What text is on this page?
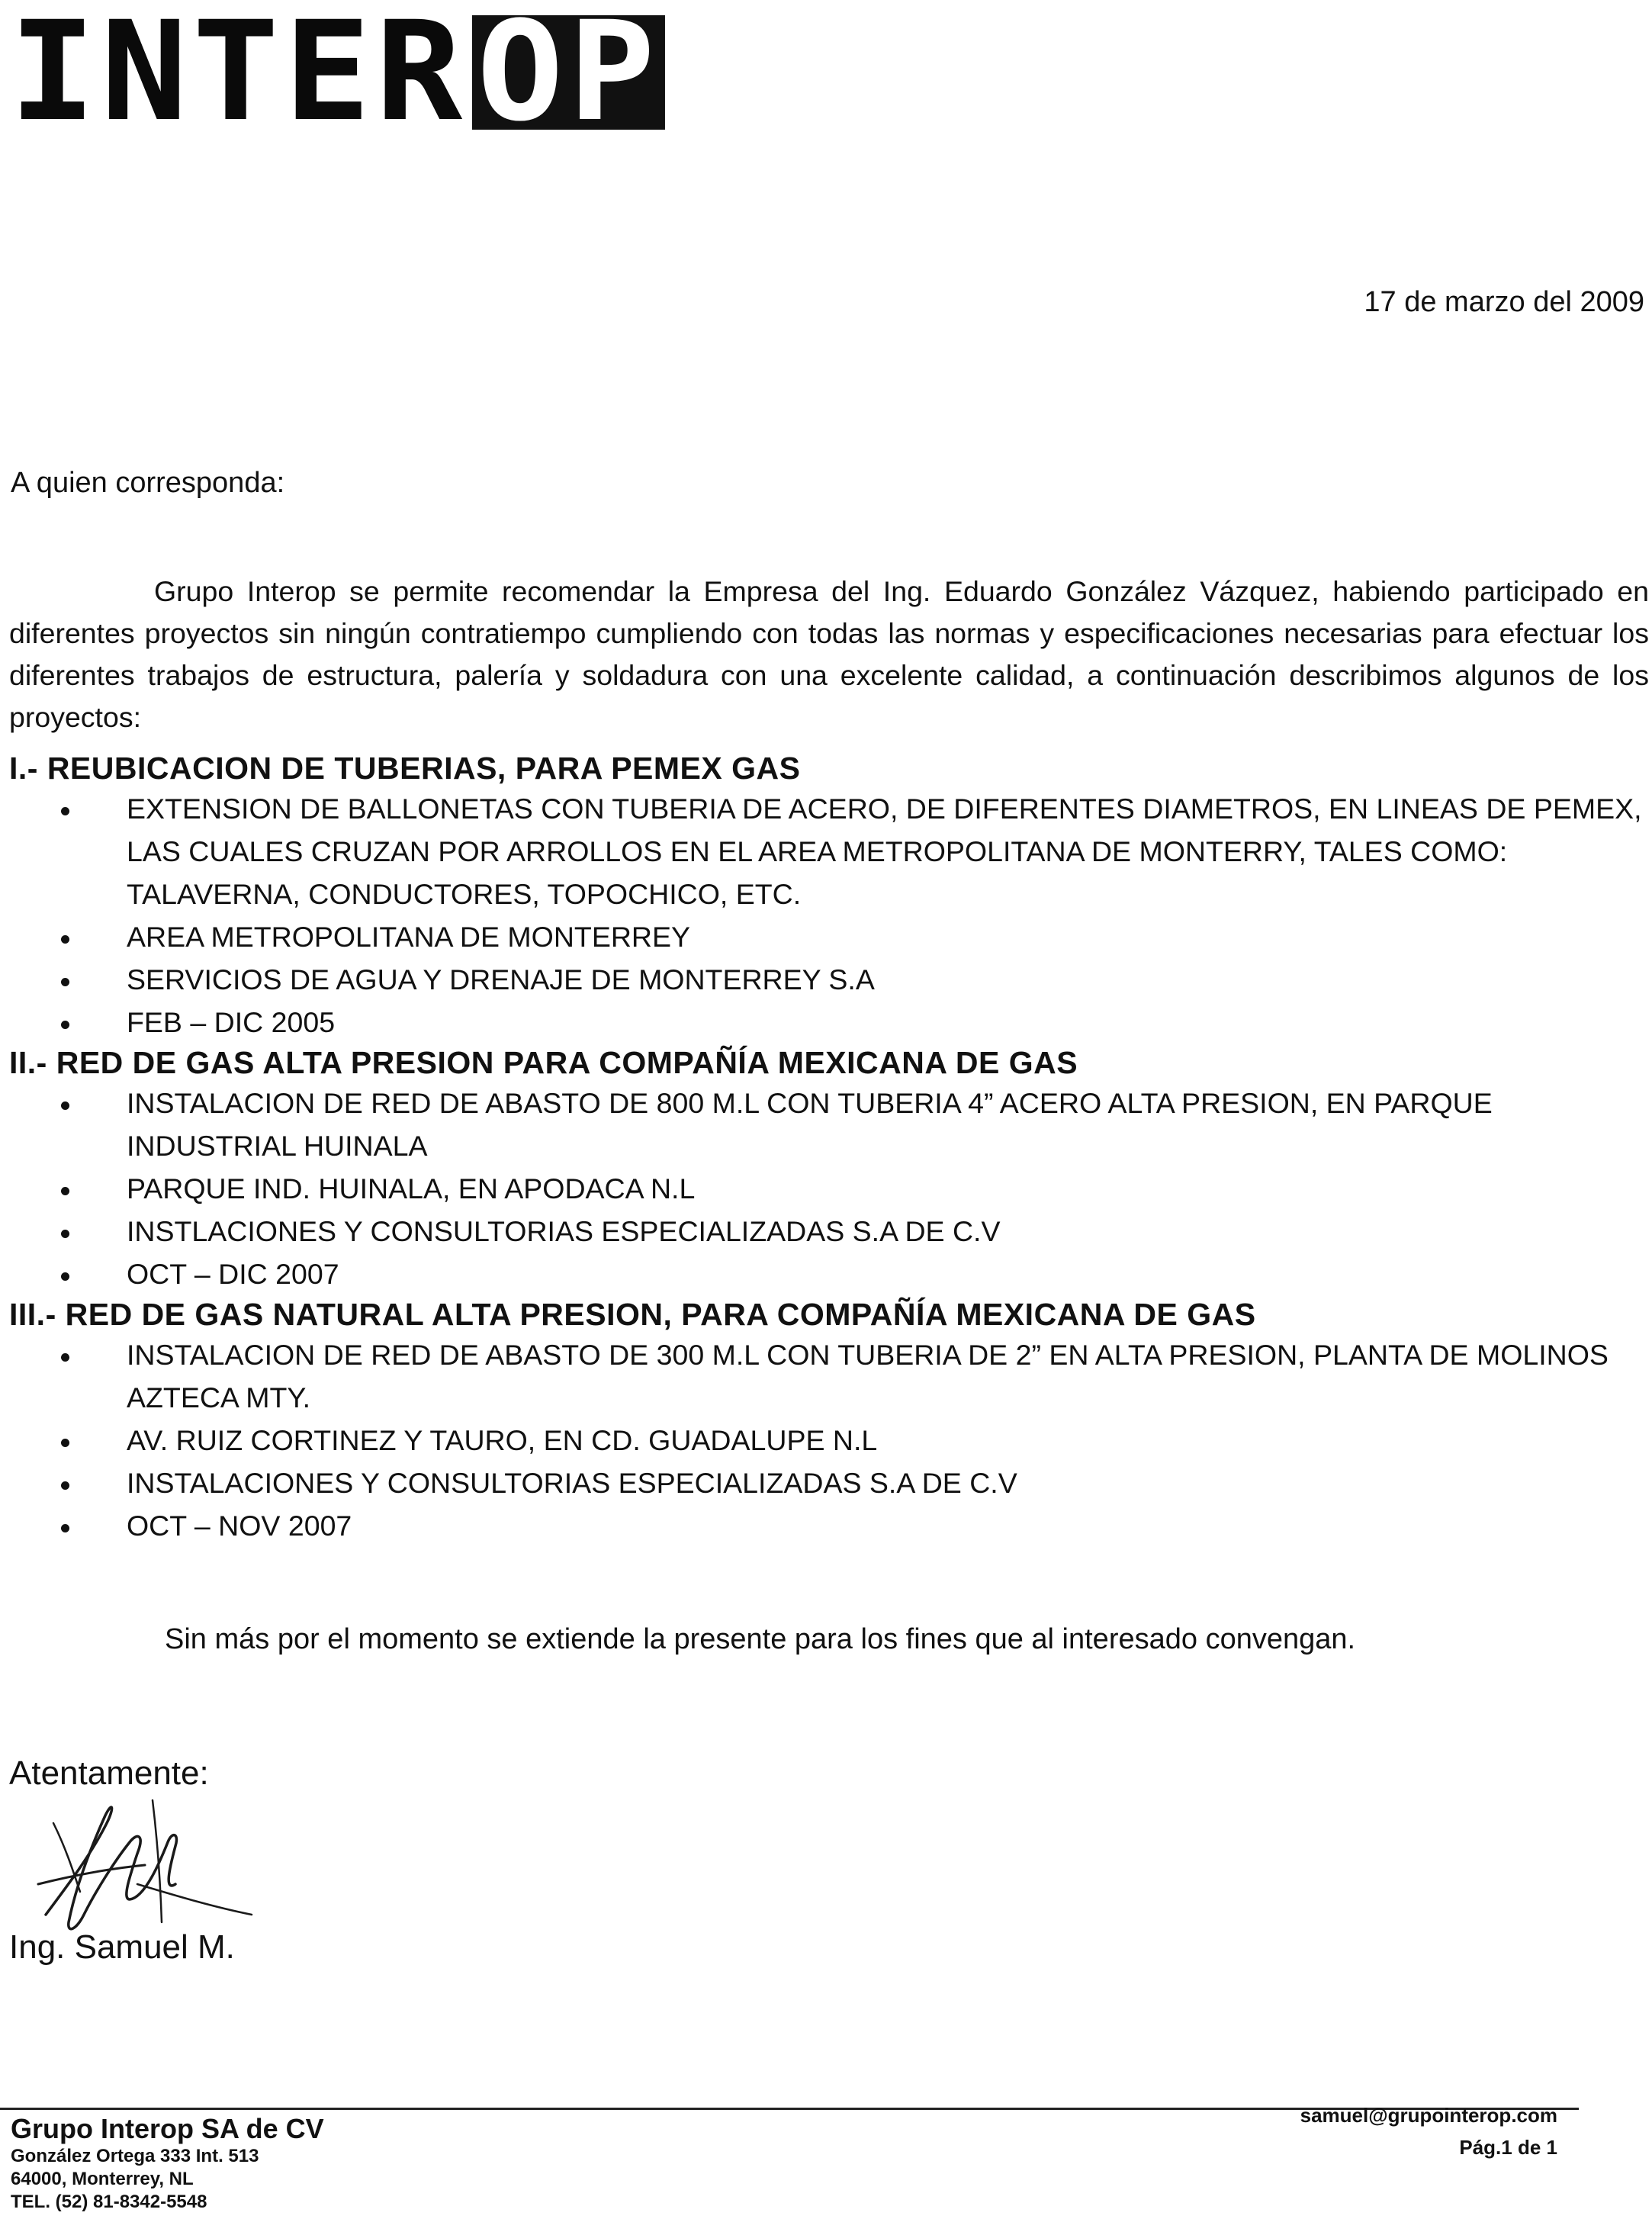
INTEROP
17 de marzo del 2009
A quien corresponda:
Grupo Interop se permite recomendar la Empresa del Ing. Eduardo González Vázquez, habiendo participado en diferentes proyectos sin ningún contratiempo cumpliendo con todas las normas y especificaciones necesarias para efectuar los diferentes trabajos de estructura, palería y soldadura con una excelente calidad, a continuación describimos algunos de los proyectos:
I.- REUBICACION DE TUBERIAS, PARA PEMEX GAS
EXTENSION DE BALLONETAS CON TUBERIA DE ACERO, DE DIFERENTES DIAMETROS, EN LINEAS DE PEMEX, LAS CUALES CRUZAN POR ARROLLOS EN EL AREA METROPOLITANA DE MONTERRY, TALES COMO: TALAVERNA, CONDUCTORES, TOPOCHICO, ETC.
AREA METROPOLITANA DE MONTERREY
SERVICIOS DE AGUA Y DRENAJE DE MONTERREY S.A
FEB – DIC 2005
II.- RED DE GAS ALTA PRESION PARA COMPAÑÍA MEXICANA DE GAS
INSTALACION DE RED DE ABASTO DE 800 M.L CON TUBERIA 4” ACERO ALTA PRESION, EN PARQUE INDUSTRIAL HUINALA
PARQUE IND. HUINALA, EN APODACA N.L
INSTLACIONES Y CONSULTORIAS ESPECIALIZADAS S.A DE C.V
OCT – DIC 2007
III.- RED DE GAS NATURAL ALTA PRESION, PARA COMPAÑÍA MEXICANA DE GAS
INSTALACION DE RED DE ABASTO DE 300 M.L CON TUBERIA DE 2” EN ALTA PRESION, PLANTA DE MOLINOS AZTECA MTY.
AV. RUIZ CORTINEZ Y TAURO, EN CD. GUADALUPE N.L
INSTALACIONES Y CONSULTORIAS ESPECIALIZADAS S.A DE C.V
OCT – NOV 2007
Sin más por el momento se extiende la presente para los fines que al interesado convengan.
Atentamente:
Ing. Samuel M.
Grupo Interop SA de CV
González Ortega 333 Int. 513
64000, Monterrey, NL
TEL. (52) 81-8342-5548
samuel@grupointerop.com
Pág.1 de 1
